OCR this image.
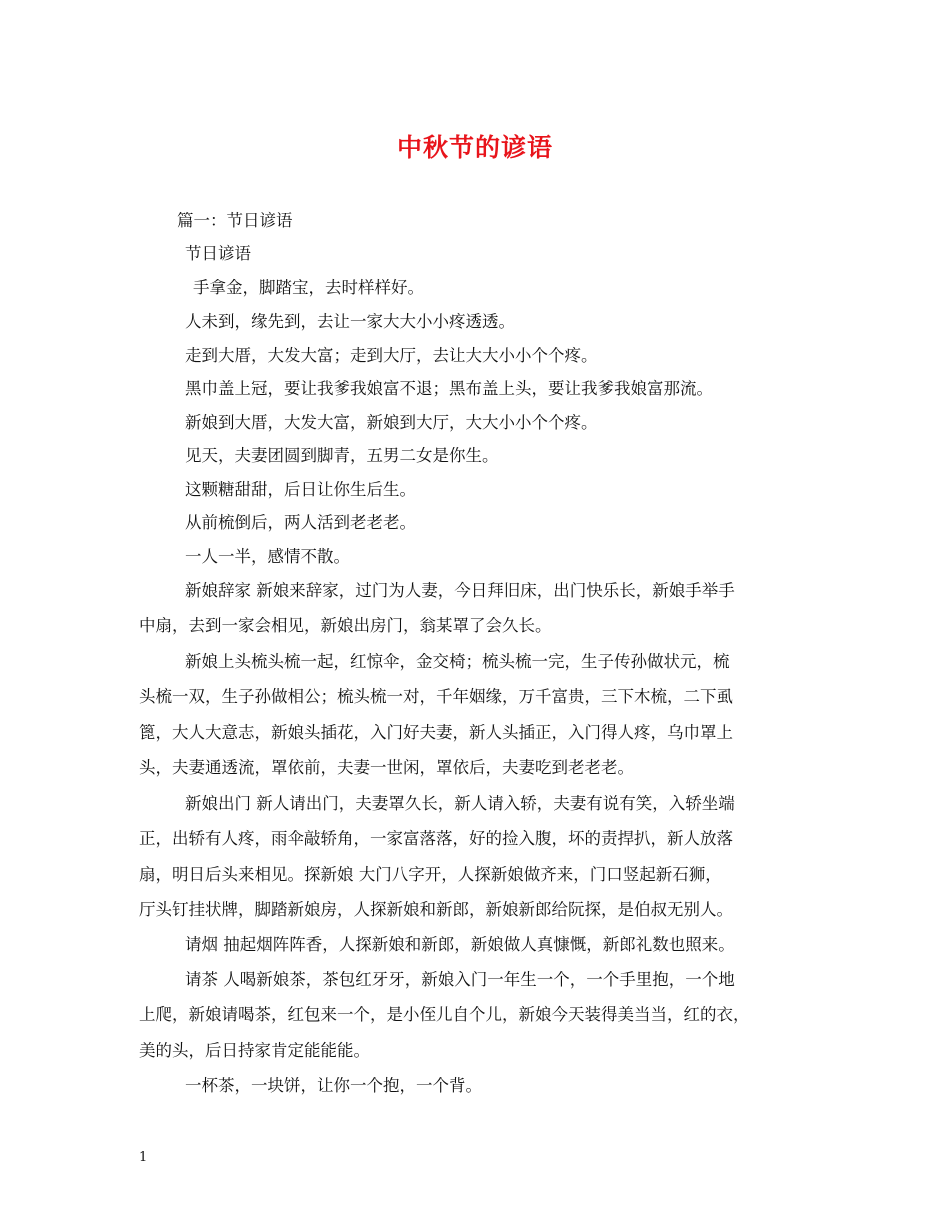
中秋节的谚语
篇一：节日谚语
节日谚语
手拿金，脚踏宝，去时样样好。
人未到，缘先到，去让一家大大小小疼透透。
走到大厝，大发大富；走到大厅，去让大大小小个个疼。
黑巾盖上冠，要让我爹我娘富不退；黑布盖上头，要让我爹我娘富那流。
新娘到大厝，大发大富，新娘到大厅，大大小小个个疼。
见天，夫妻团圆到脚青，五男二女是你生。
这颗糖甜甜，后日让你生后生。
从前梳倒后，两人活到老老老。
一人一半，感情不散。
新娘辞家 新娘来辞家，过门为人妻，今日拜旧床，出门快乐长，新娘手举手
中扇，去到一家会相见，新娘出房门，翁某罩了会久长。
新娘上头梳头梳一起，红惊伞，金交椅；梳头梳一完，生子传孙做状元，梳
头梳一双，生子孙做相公；梳头梳一对，千年姻缘，万千富贵，三下木梳，二下虱
篦，大人大意志，新娘头插花，入门好夫妻，新人头插正，入门得人疼，乌巾罩上
头，夫妻通透流，罩依前，夫妻一世闲，罩依后，夫妻吃到老老老。
新娘出门 新人请出门，夫妻罩久长，新人请入轿，夫妻有说有笑，入轿坐端
正，出轿有人疼，雨伞敲轿角，一家富落落，好的捡入腹，坏的责捍扒，新人放落
扇，明日后头来相见。探新娘 大门八字开，人探新娘做齐来，门口竖起新石狮，
厅头钉挂状牌，脚踏新娘房，人探新娘和新郎，新娘新郎给阮探，是伯叔无别人。
请烟 抽起烟阵阵香，人探新娘和新郎，新娘做人真慷慨，新郎礼数也照来。
请茶 人喝新娘茶，茶包红牙牙，新娘入门一年生一个，一个手里抱，一个地
上爬，新娘请喝茶，红包来一个，是小侄儿自个儿，新娘今天装得美当当，红的衣，
美的头，后日持家肯定能能能。
一杯茶，一块饼，让你一个抱，一个背。
1
